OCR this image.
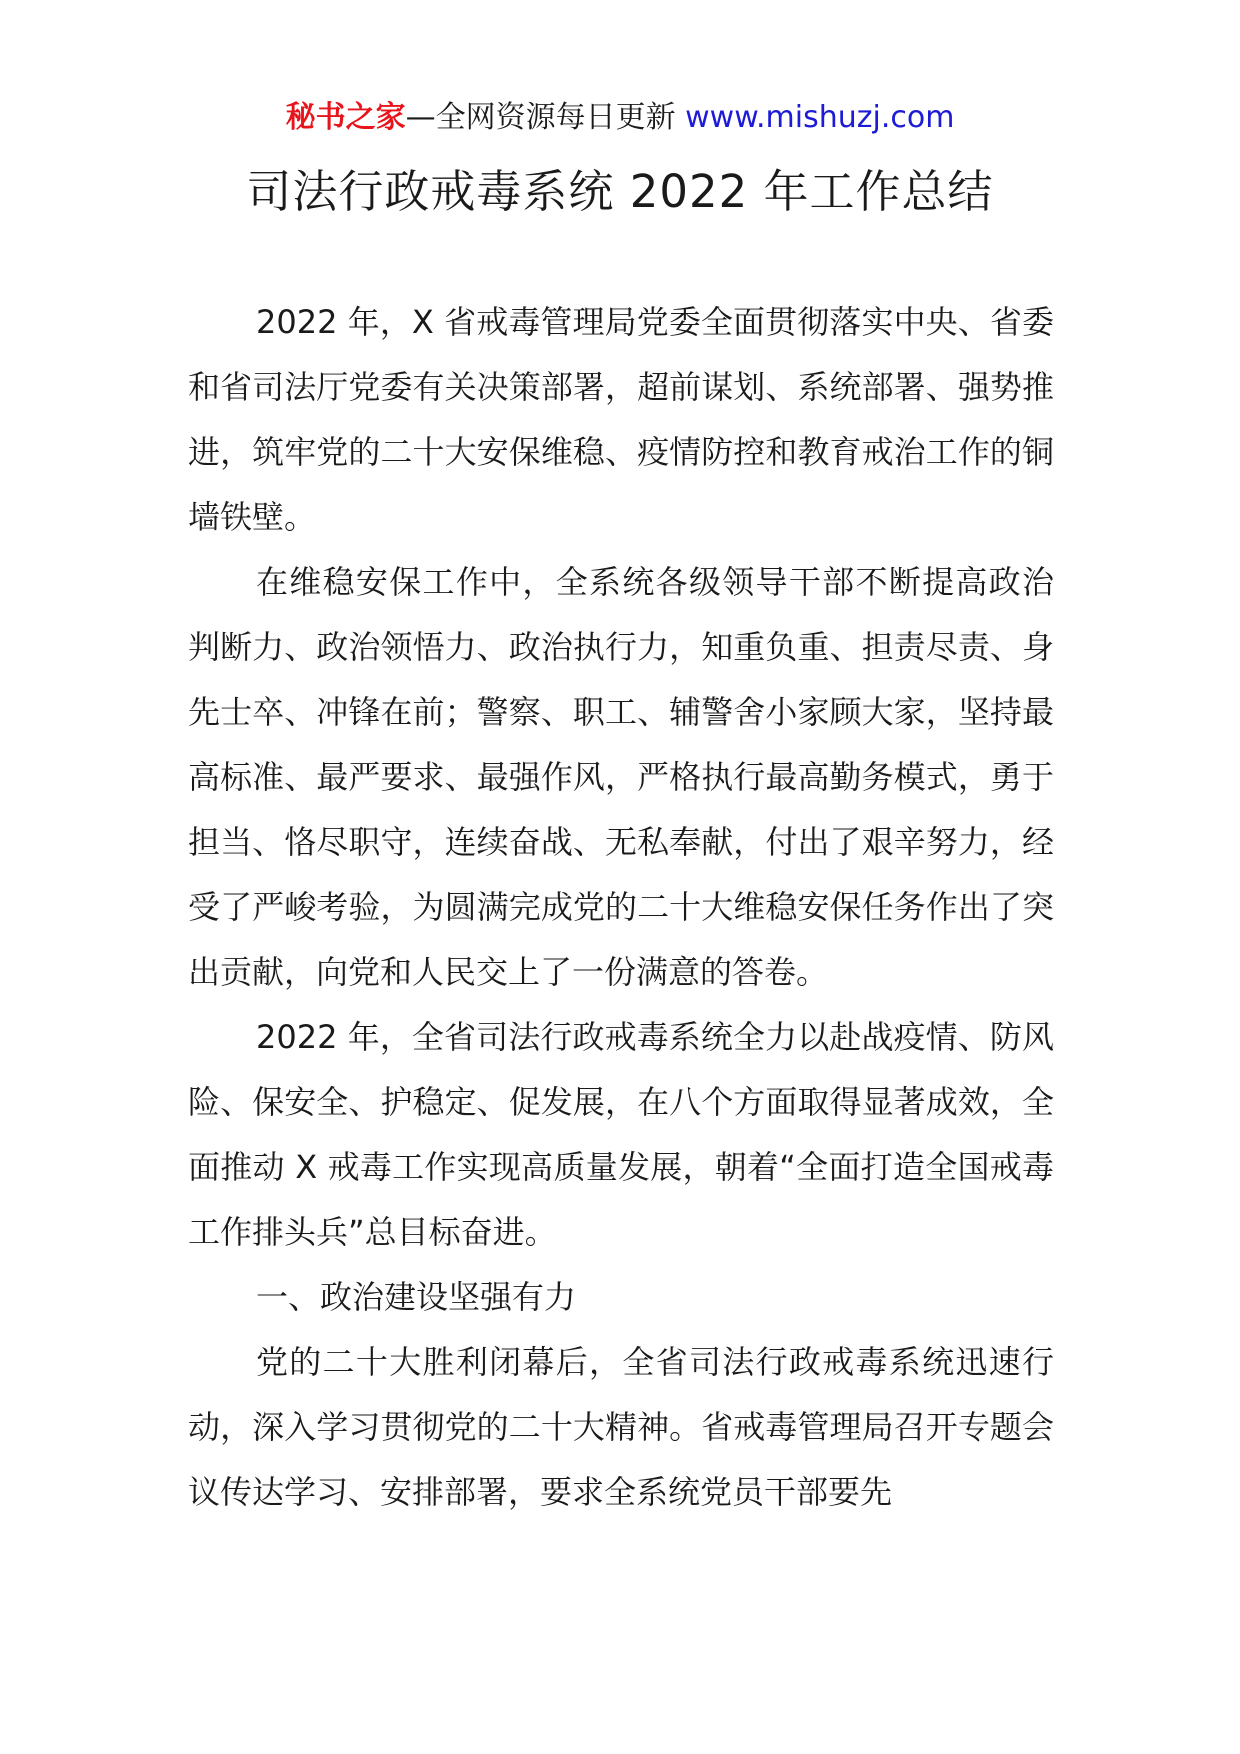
秘书之家—全网资源每日更新 www.mishuzj.com
司法行政戒毒系统 2022 年工作总结

2022 年，X 省戒毒管理局党委全面贯彻落实中央、省委和省司法厅党委有关决策部署，超前谋划、系统部署、强势推进，筑牢党的二十大安保维稳、疫情防控和教育戒治工作的铜墙铁壁。

在维稳安保工作中，全系统各级领导干部不断提高政治判断力、政治领悟力、政治执行力，知重负重、担责尽责、身先士卒、冲锋在前；警察、职工、辅警舍小家顾大家，坚持最高标准、最严要求、最强作风，严格执行最高勤务模式，勇于担当、恪尽职守，连续奋战、无私奉献，付出了艰辛努力，经受了严峻考验，为圆满完成党的二十大维稳安保任务作出了突出贡献，向党和人民交上了一份满意的答卷。

2022 年，全省司法行政戒毒系统全力以赴战疫情、防风险、保安全、护稳定、促发展，在八个方面取得显著成效，全面推动 X 戒毒工作实现高质量发展，朝着“全面打造全国戒毒工作排头兵”总目标奋进。

一、政治建设坚强有力

党的二十大胜利闭幕后，全省司法行政戒毒系统迅速行动，深入学习贯彻党的二十大精神。省戒毒管理局召开专题会议传达学习、安排部署，要求全系统党员干部要先
